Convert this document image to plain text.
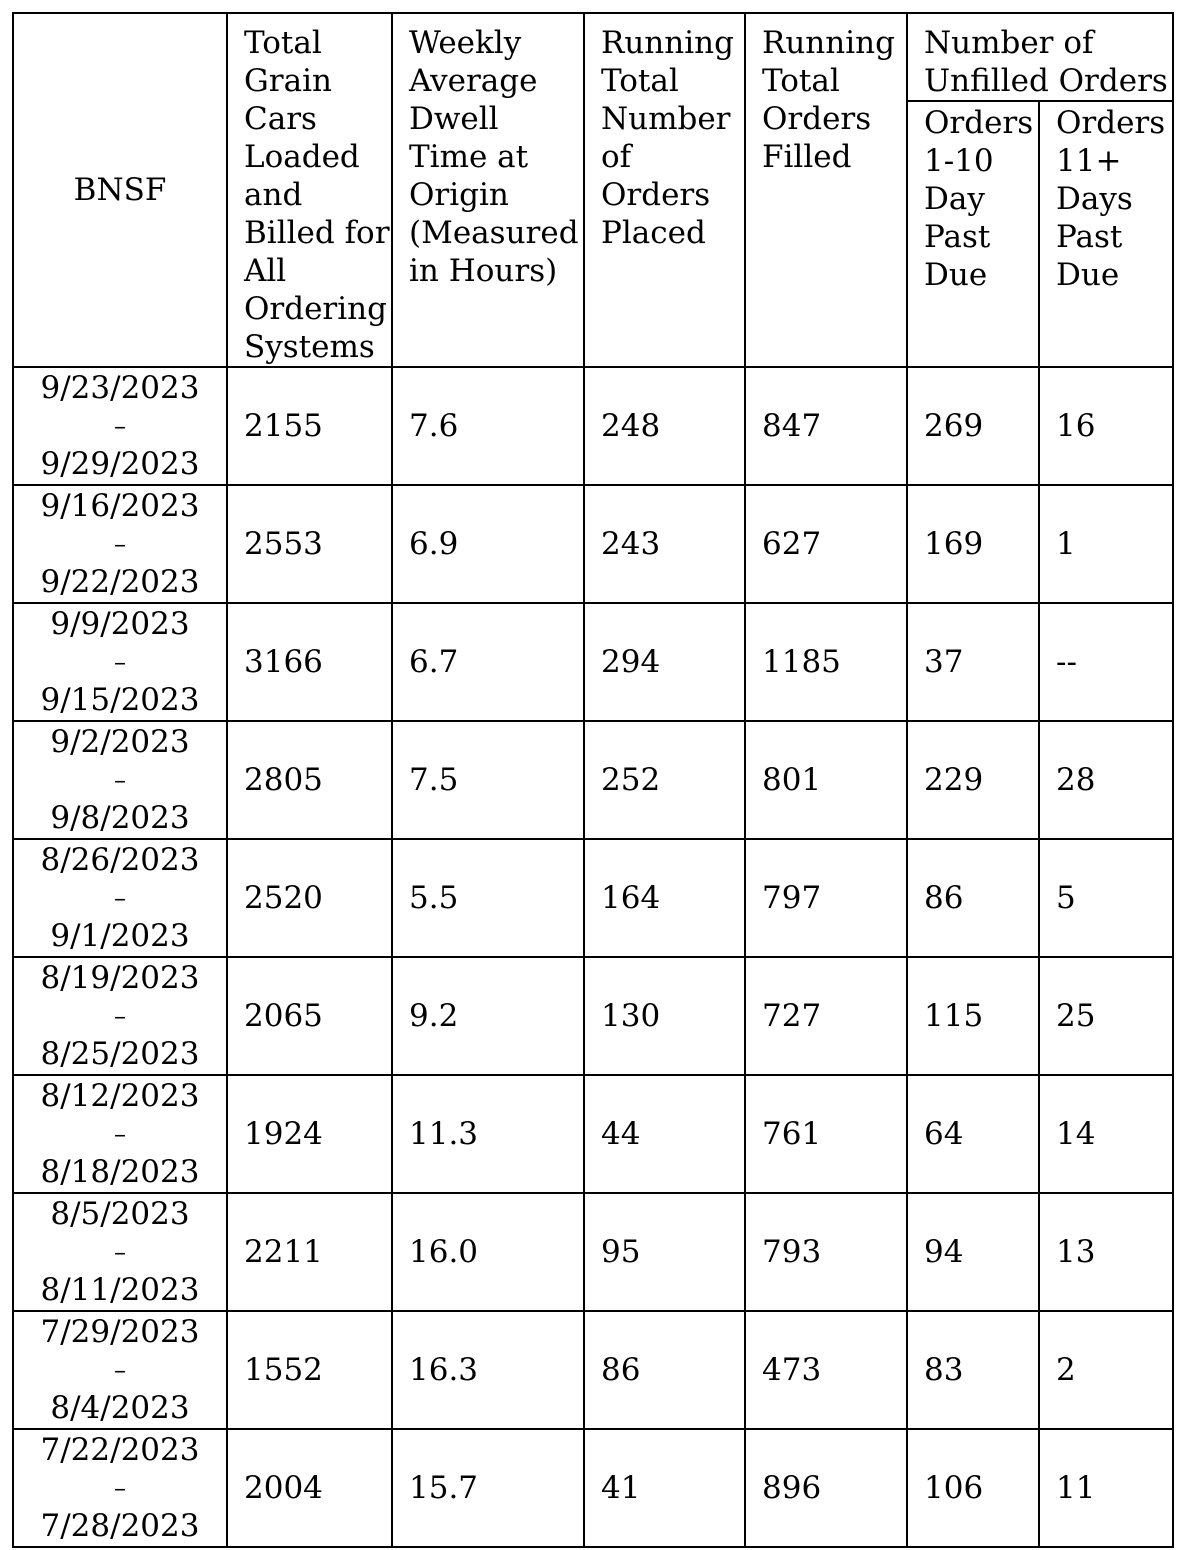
BNSF	Total Grain Cars Loaded and Billed for All Ordering Systems	Weekly Average Dwell Time at Origin (Measured in Hours)	Running Total Number of Orders Placed	Running Total Orders Filled	Number of Unfilled Orders	
					Orders 1-10 Day Past Due	Orders 11+ Days Past Due

9/23/2023
–
9/29/2023	2155	7.6	248	847	269	16

9/16/2023
–
9/22/2023	2553	6.9	243	627	169	1

9/9/2023
–
9/15/2023	3166	6.7	294	1185	37	--

9/2/2023
–
9/8/2023	2805	7.5	252	801	229	28

8/26/2023
–
9/1/2023	2520	5.5	164	797	86	5

8/19/2023
–
8/25/2023	2065	9.2	130	727	115	25

8/12/2023
–
8/18/2023	1924	11.3	44	761	64	14

8/5/2023
–
8/11/2023	2211	16.0	95	793	94	13

7/29/2023
–
8/4/2023	1552	16.3	86	473	83	2

7/22/2023
–
7/28/2023	2004	15.7	41	896	106	11
